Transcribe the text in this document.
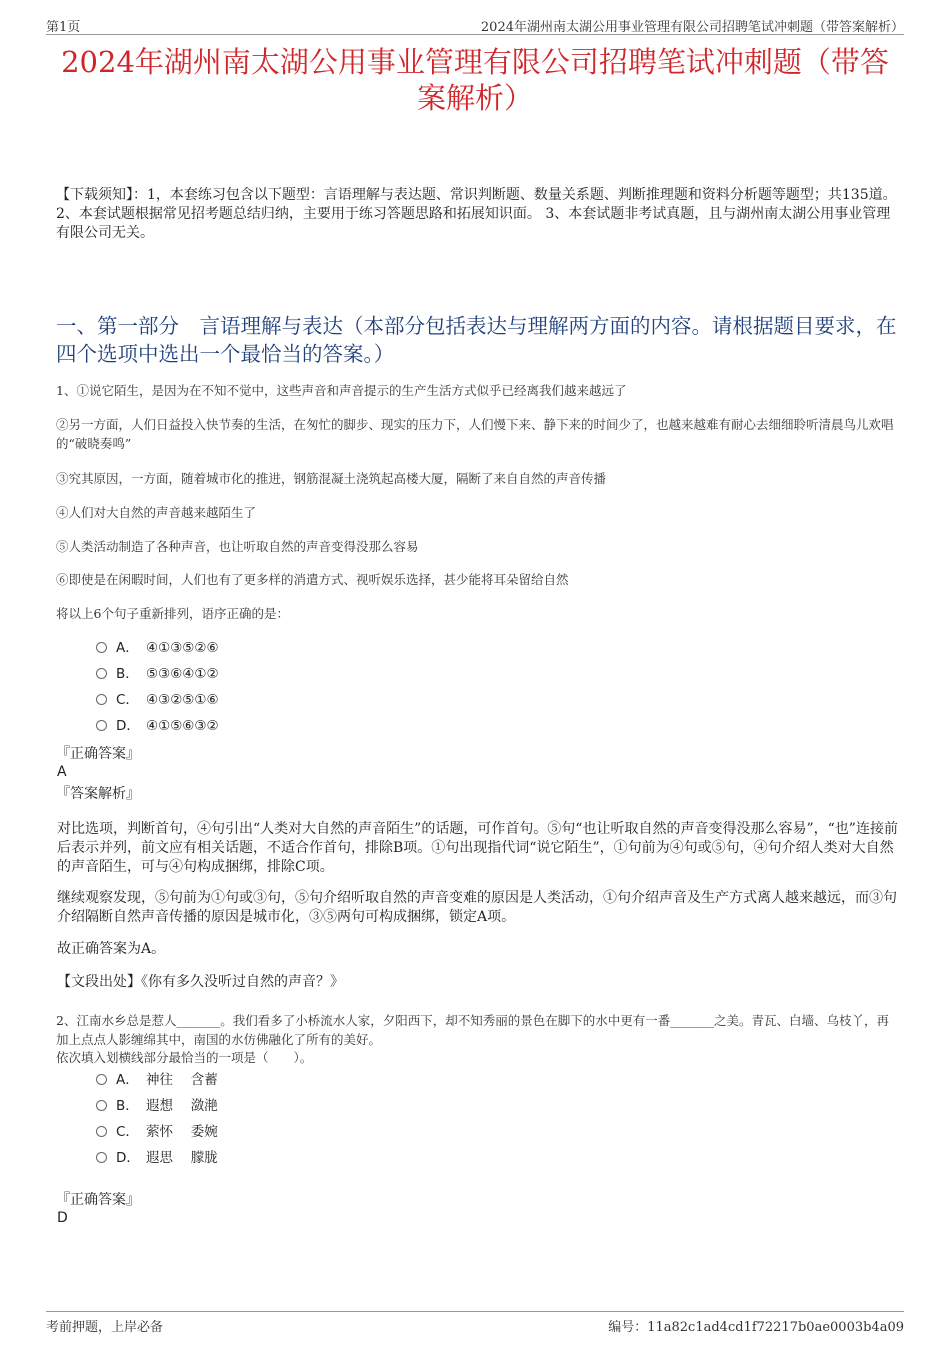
第1页	2024年湖州南太湖公用事业管理有限公司招聘笔试冲刺题（带答案解析）
2024年湖州南太湖公用事业管理有限公司招聘笔试冲刺题（带答案解析）
【下载须知】：1，本套练习包含以下题型：言语理解与表达题、常识判断题、数量关系题、判断推理题和资料分析题等题型；共135道。 2、本套试题根据常见招考题总结归纳，主要用于练习答题思路和拓展知识面。 3、本套试题非考试真题，且与湖州南太湖公用事业管理有限公司无关。
一、第一部分　言语理解与表达（本部分包括表达与理解两方面的内容。请根据题目要求，在四个选项中选出一个最恰当的答案。）
1、①说它陌生，是因为在不知不觉中，这些声音和声音提示的生产生活方式似乎已经离我们越来越远了
②另一方面，人们日益投入快节奏的生活，在匆忙的脚步、现实的压力下，人们慢下来、静下来的时间少了，也越来越难有耐心去细细聆听清晨鸟儿欢唱的“破晓奏鸣”
③究其原因，一方面，随着城市化的推进，钢筋混凝土浇筑起高楼大厦，隔断了来自自然的声音传播
④人们对大自然的声音越来越陌生了
⑤人类活动制造了各种声音，也让听取自然的声音变得没那么容易
⑥即使是在闲暇时间，人们也有了更多样的消遣方式、视听娱乐选择，甚少能将耳朵留给自然
将以上6个句子重新排列，语序正确的是：
A． ④①③⑤②⑥
B． ⑤③⑥④①②
C． ④③②⑤①⑥
D． ④①⑤⑥③②
『正确答案』
A
『答案解析』
对比选项，判断首句，④句引出“人类对大自然的声音陌生”的话题，可作首句。⑤句“也让听取自然的声音变得没那么容易”，“也”连接前后表示并列，前文应有相关话题，不适合作首句，排除B项。①句出现指代词“说它陌生”，①句前为④句或⑤句，④句介绍人类对大自然的声音陌生，可与④句构成捆绑，排除C项。
继续观察发现，⑤句前为①句或③句，⑤句介绍听取自然的声音变难的原因是人类活动，①句介绍声音及生产方式离人越来越远，而③句介绍隔断自然声音传播的原因是城市化，③⑤两句可构成捆绑，锁定A项。
故正确答案为A。
【文段出处】《你有多久没听过自然的声音？》
2、江南水乡总是惹人_______。我们看多了小桥流水人家，夕阳西下，却不知秀丽的景色在脚下的水中更有一番_______之美。青瓦、白墙、乌枝丫，再加上点点人影缠绵其中，南国的水仿佛融化了所有的美好。
依次填入划横线部分最恰当的一项是（　　）。
A． 神往　 含蓄
B． 遐想　 潋滟
C． 萦怀　 委婉
D． 遐思　 朦胧
『正确答案』
D
考前押题，上岸必备	编号：11a82c1ad4cd1f72217b0ae0003b4a09
